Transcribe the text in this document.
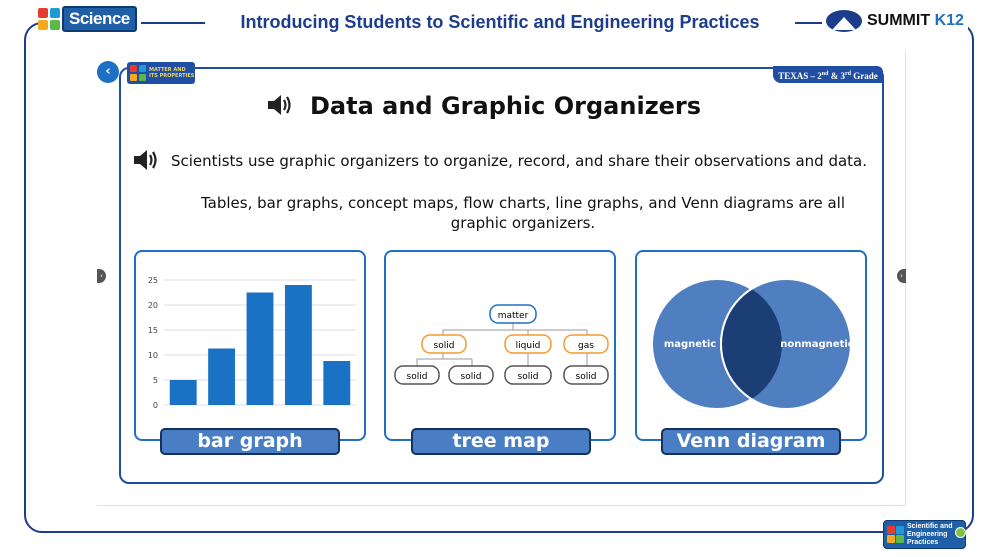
Science	Introducing Students to Scientific and Engineering Practices	SUMMIT K12
‹	MATTER AND
ITS PROPERTIES	TEXAS – 2nd & 3rd Grade
Data and Graphic Organizers
Scientists use graphic organizers to organize, record, and share their observations and data.
Tables, bar graphs, concept maps, flow charts, line graphs, and Venn diagrams are all graphic organizers.
0
5
10
15
20
25
bar graph
matter
solid	liquid	gas
solid	solid	solid	solid
tree map
magnetic	nonmagnetic
Venn diagram
‹	›
Scientific and
Engineering Practices
